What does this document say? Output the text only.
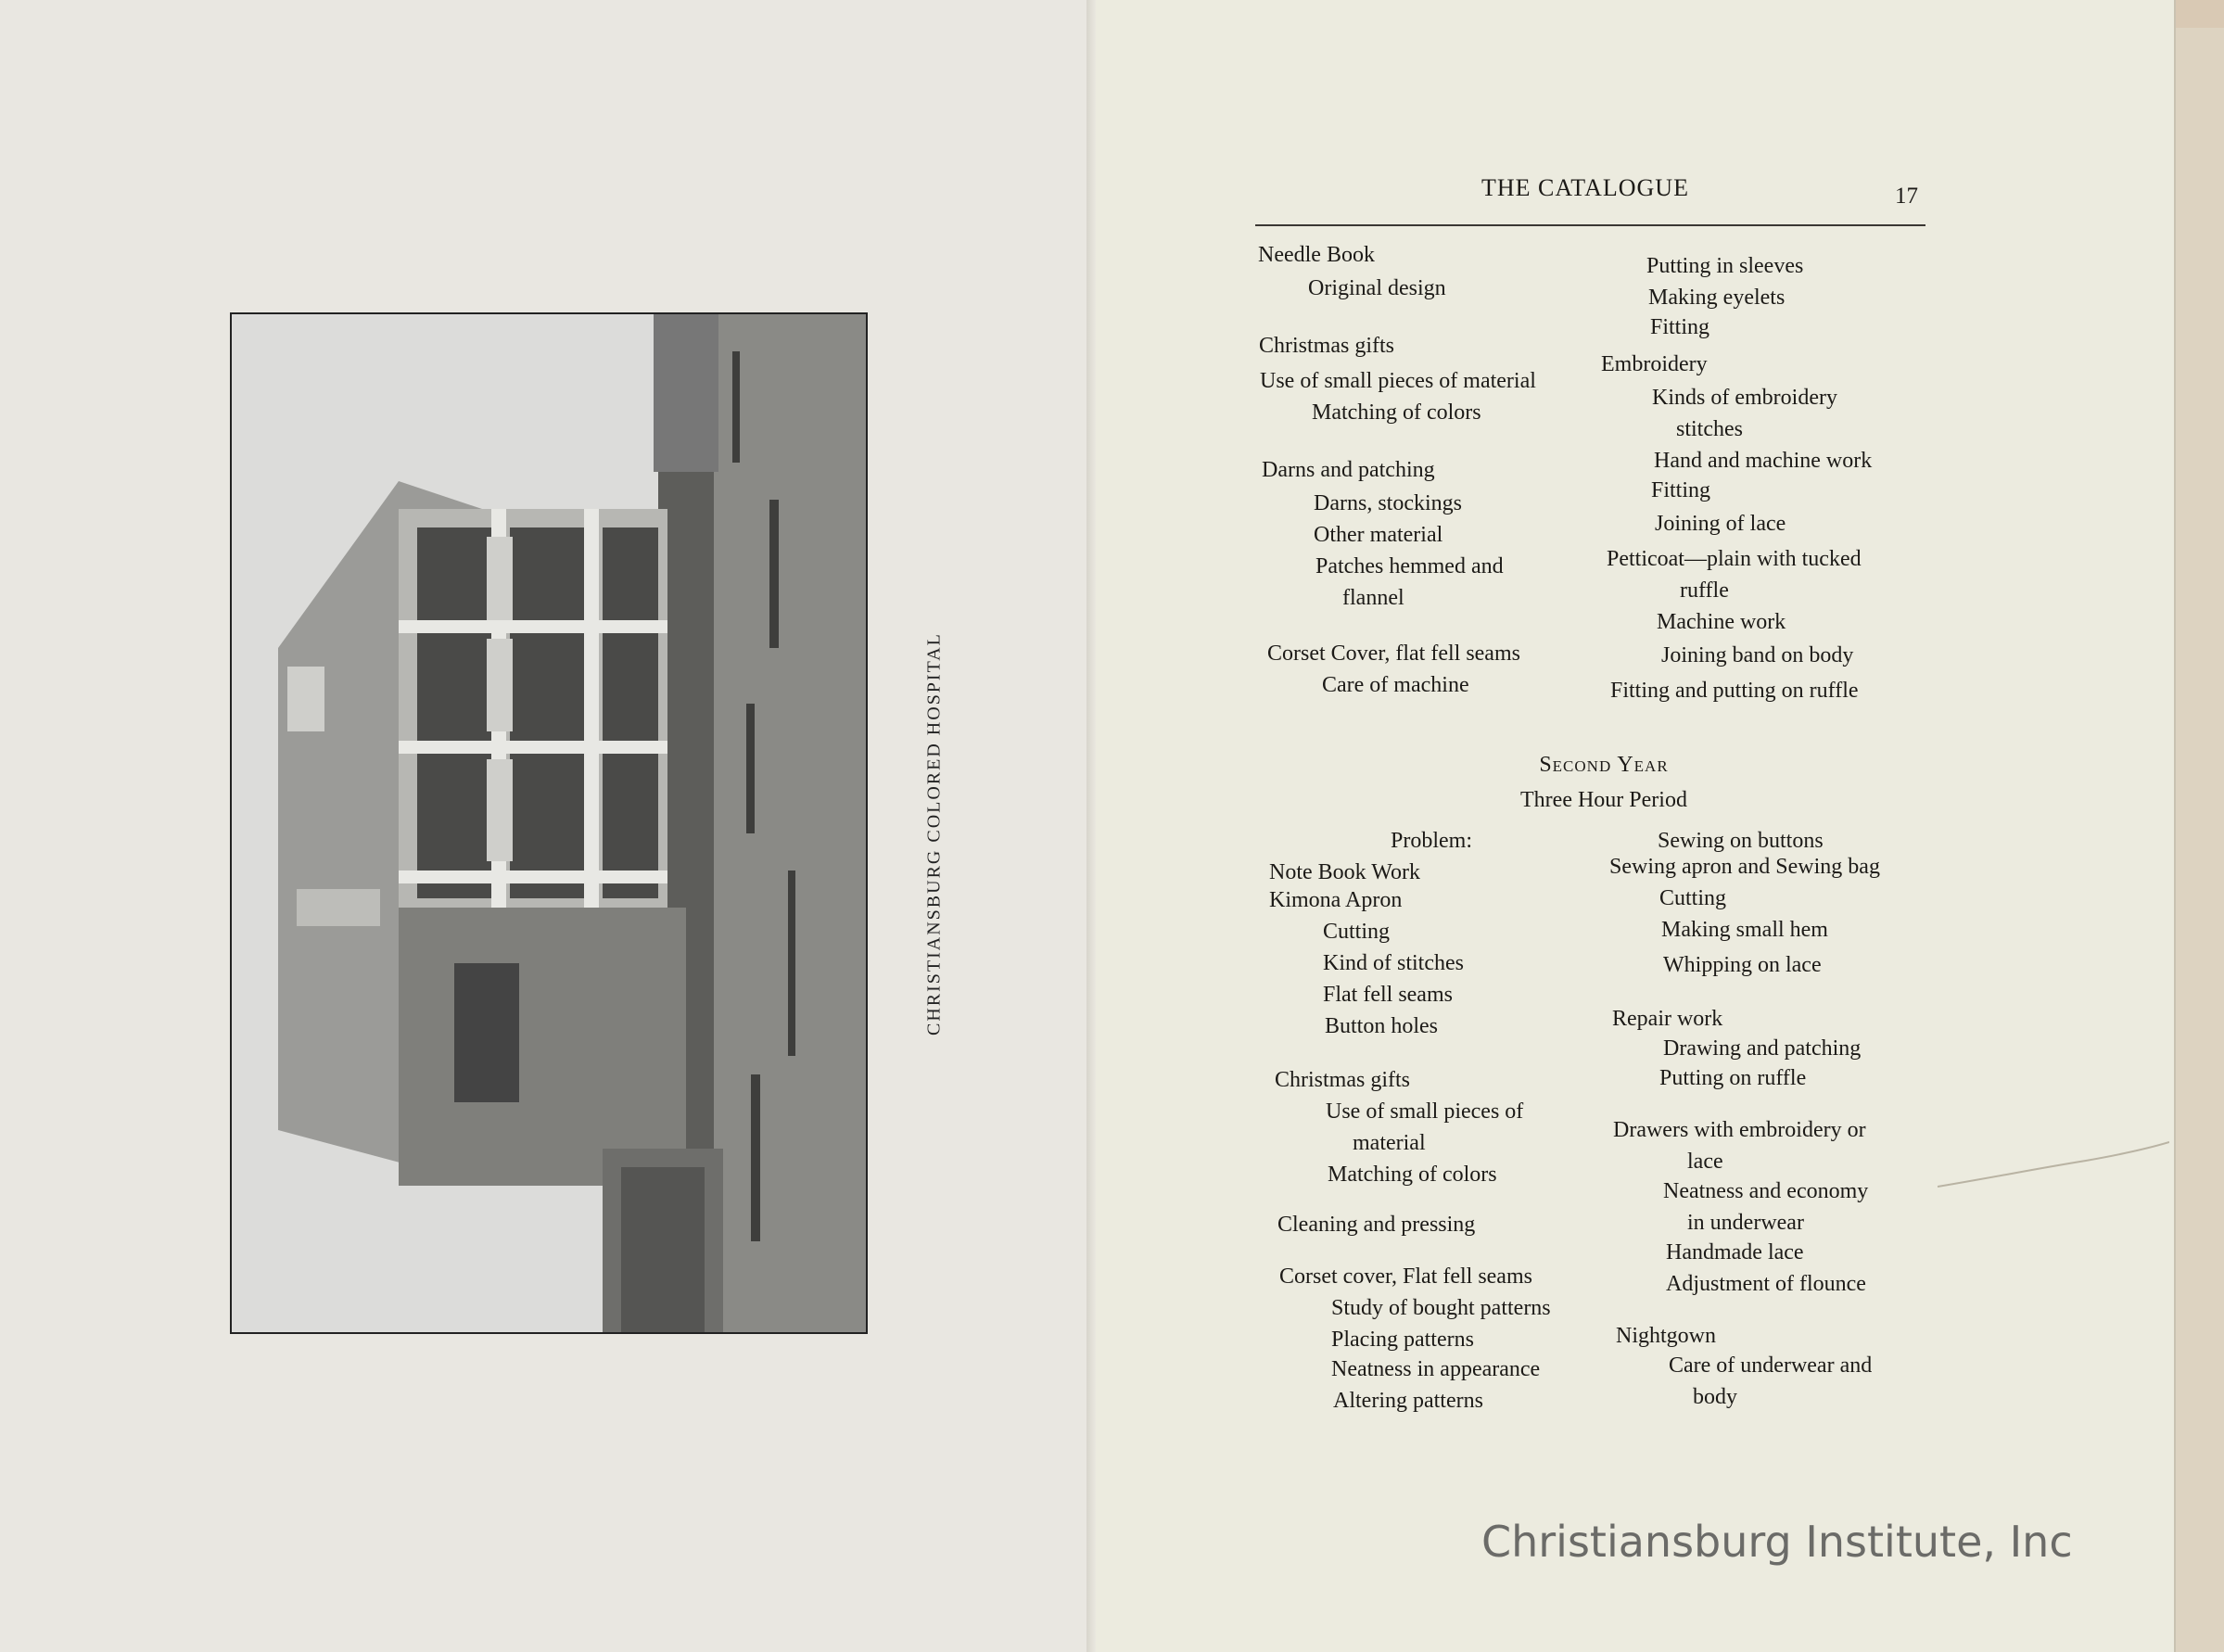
CHRISTIANSBURG COLORED HOSPITAL
THE CATALOGUE	17
Needle Book
Original design
Christmas gifts
Use of small pieces of material
Matching of colors
Darns and patching
Darns, stockings
Other material
Patches hemmed and
flannel
Corset Cover, flat fell seams
Care of machine
Putting in sleeves
Making eyelets
Fitting
Embroidery
Kinds of embroidery
stitches
Hand and machine work
Fitting
Joining of lace
Petticoat—plain with tucked
ruffle
Machine work
Joining band on body
Fitting and putting on ruffle
Second Year
Three Hour Period
Problem:
Note Book Work
Kimona Apron
Cutting
Kind of stitches
Flat fell seams
Button holes
Christmas gifts
Use of small pieces of
material
Matching of colors
Cleaning and pressing
Corset cover, Flat fell seams
Study of bought patterns
Placing patterns
Neatness in appearance
Altering patterns
Sewing on buttons
Sewing apron and Sewing bag
Cutting
Making small hem
Whipping on lace
Repair work
Drawing and patching
Putting on ruffle
Drawers with embroidery or
lace
Neatness and economy
in underwear
Handmade lace
Adjustment of flounce
Nightgown
Care of underwear and
body
Christiansburg Institute, Inc
